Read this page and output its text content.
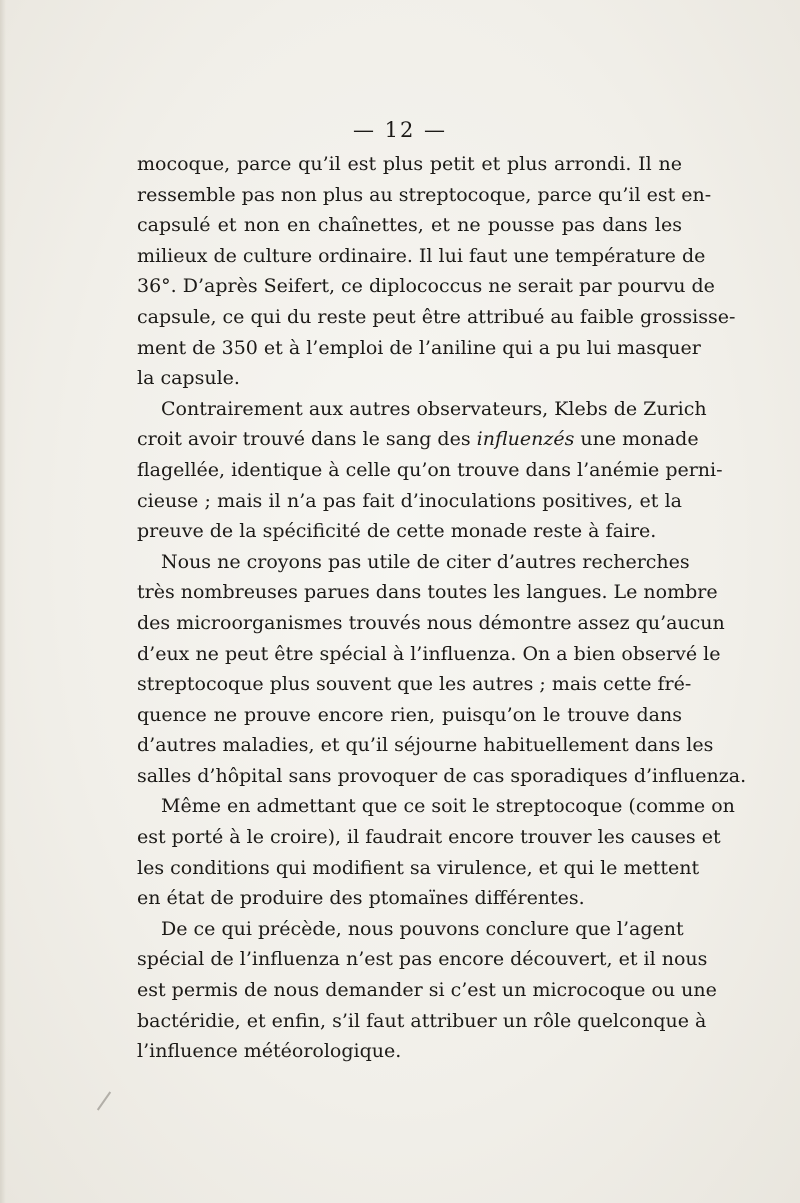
— 12 —
mocoque, parce qu’il est plus petit et plus arrondi. Il ne
ressemble pas non plus au streptocoque, parce qu’il est en-
capsulé et non en chaînettes, et ne pousse pas dans les
milieux de culture ordinaire. Il lui faut une température de
36°. D’après Seifert, ce diplococcus ne serait par pourvu de
capsule, ce qui du reste peut être attribué au faible grossisse-
ment de 350 et à l’emploi de l’aniline qui a pu lui masquer
la capsule.
Contrairement aux autres observateurs, Klebs de Zurich
croit avoir trouvé dans le sang des influenzés une monade
flagellée, identique à celle qu’on trouve dans l’anémie perni-
cieuse ; mais il n’a pas fait d’inoculations positives, et la
preuve de la spécificité de cette monade reste à faire.
Nous ne croyons pas utile de citer d’autres recherches
très nombreuses parues dans toutes les langues. Le nombre
des microorganismes trouvés nous démontre assez qu’aucun
d’eux ne peut être spécial à l’influenza. On a bien observé le
streptocoque plus souvent que les autres ; mais cette fré-
quence ne prouve encore rien, puisqu’on le trouve dans
d’autres maladies, et qu’il séjourne habituellement dans les
salles d’hôpital sans provoquer de cas sporadiques d’influenza.
Même en admettant que ce soit le streptocoque (comme on
est porté à le croire), il faudrait encore trouver les causes et
les conditions qui modifient sa virulence, et qui le mettent
en état de produire des ptomaïnes différentes.
De ce qui précède, nous pouvons conclure que l’agent
spécial de l’influenza n’est pas encore découvert, et il nous
est permis de nous demander si c’est un microcoque ou une
bactéridie, et enfin, s’il faut attribuer un rôle quelconque à
l’influence météorologique.
